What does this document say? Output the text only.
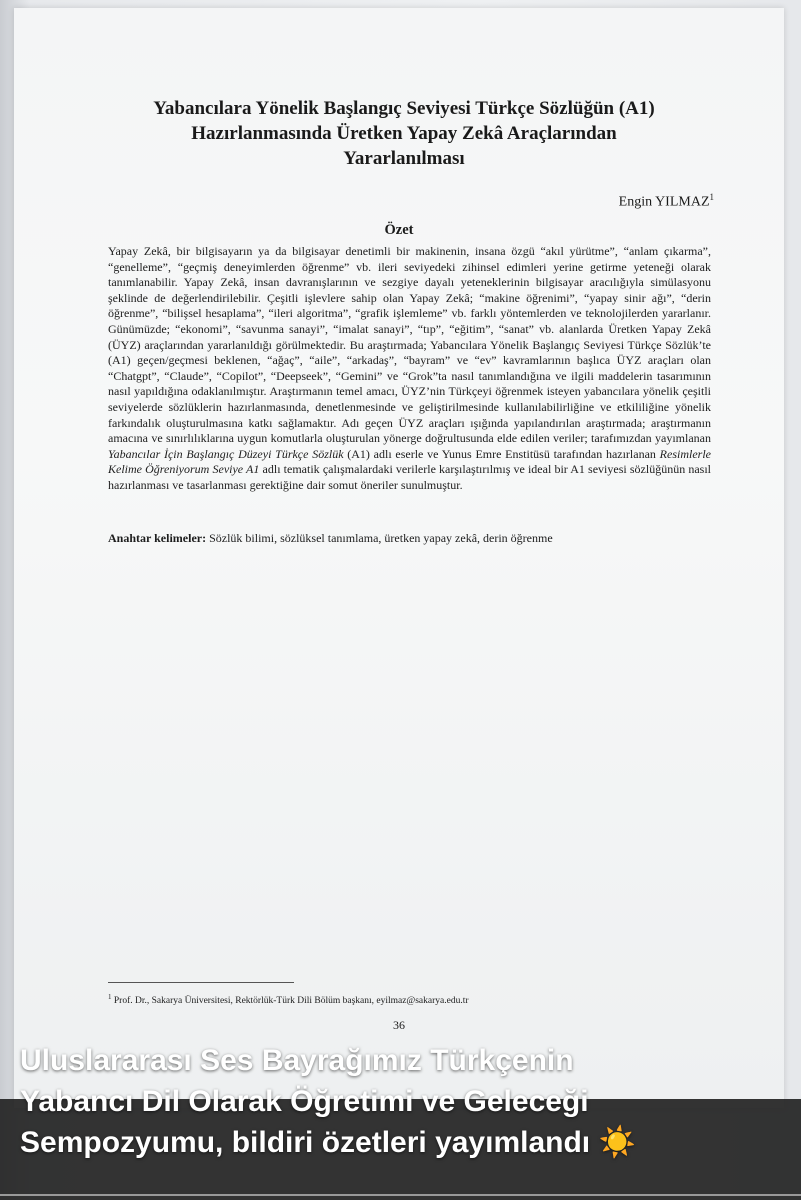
Yabancılara Yönelik Başlangıç Seviyesi Türkçe Sözlüğün (A1)
Hazırlanmasında Üretken Yapay Zekâ Araçlarından
Yararlanılması
Engin YILMAZ$^1$
Özet
Yapay Zekâ, bir bilgisayarın ya da bilgisayar denetimli bir makinenin, insana özgü “akıl yürütme”, “anlam çıkarma”, “genelleme”, “geçmiş deneyimlerden öğrenme” vb. ileri seviyedeki zihinsel edimleri yerine getirme yeteneği olarak tanımlanabilir. Yapay Zekâ, insan davranışlarının ve sezgiye dayalı yeteneklerinin bilgisayar aracılığıyla simülasyonu şeklinde de değerlendirilebilir. Çeşitli işlevlere sahip olan Yapay Zekâ; “makine öğrenimi”, “yapay sinir ağı”, “derin öğrenme”, “bilişsel hesaplama”, “ileri algoritma”, “grafik işlemleme” vb. farklı yöntemlerden ve teknolojilerden yararlanır. Günümüzde; “ekonomi”, “savunma sanayi”, “imalat sanayi”, “tıp”, “eğitim”, “sanat” vb. alanlarda Üretken Yapay Zekâ (ÜYZ) araçlarından yararlanıldığı görülmektedir. Bu araştırmada; Yabancılara Yönelik Başlangıç Seviyesi Türkçe Sözlük’te (A1) geçen/geçmesi beklenen, “ağaç”, “aile”, “arkadaş”, “bayram” ve “ev” kavramlarının başlıca ÜYZ araçları olan “Chatgpt”, “Claude”, “Copilot”, “Deepseek”, “Gemini” ve “Grok”ta nasıl tanımlandığına ve ilgili maddelerin tasarımının nasıl yapıldığına odaklanılmıştır. Araştırmanın temel amacı, ÜYZ’nin Türkçeyi öğrenmek isteyen yabancılara yönelik çeşitli seviyelerde sözlüklerin hazırlanmasında, denetlenmesinde ve geliştirilmesinde kullanılabilirliğine ve etkililiğine yönelik farkındalık oluşturulmasına katkı sağlamaktır. Adı geçen ÜYZ araçları ışığında yapılandırılan araştırmada; araştırmanın amacına ve sınırlılıklarına uygun komutlarla oluşturulan yönerge doğrultusunda elde edilen veriler; tarafımızdan yayımlanan Yabancılar İçin Başlangıç Düzeyi Türkçe Sözlük (A1) adlı eserle ve Yunus Emre Enstitüsü tarafından hazırlanan Resimlerle Kelime Öğreniyorum Seviye A1 adlı tematik çalışmalardaki verilerle karşılaştırılmış ve ideal bir A1 seviyesi sözlüğünün nasıl hazırlanması ve tasarlanması gerektiğine dair somut öneriler sunulmuştur.
Anahtar kelimeler: Sözlük bilimi, sözlüksel tanımlama, üretken yapay zekâ, derin öğrenme
$^1$ Prof. Dr., Sakarya Üniversitesi, Rektörlük-Türk Dili Bölüm başkanı, eyilmaz@sakarya.edu.tr
36
Uluslararası Ses Bayrağımız Türkçenin
Yabancı Dil Olarak Öğretimi ve Geleceği
Sempozyumu, bildiri özetleri yayımlandı ☀️
